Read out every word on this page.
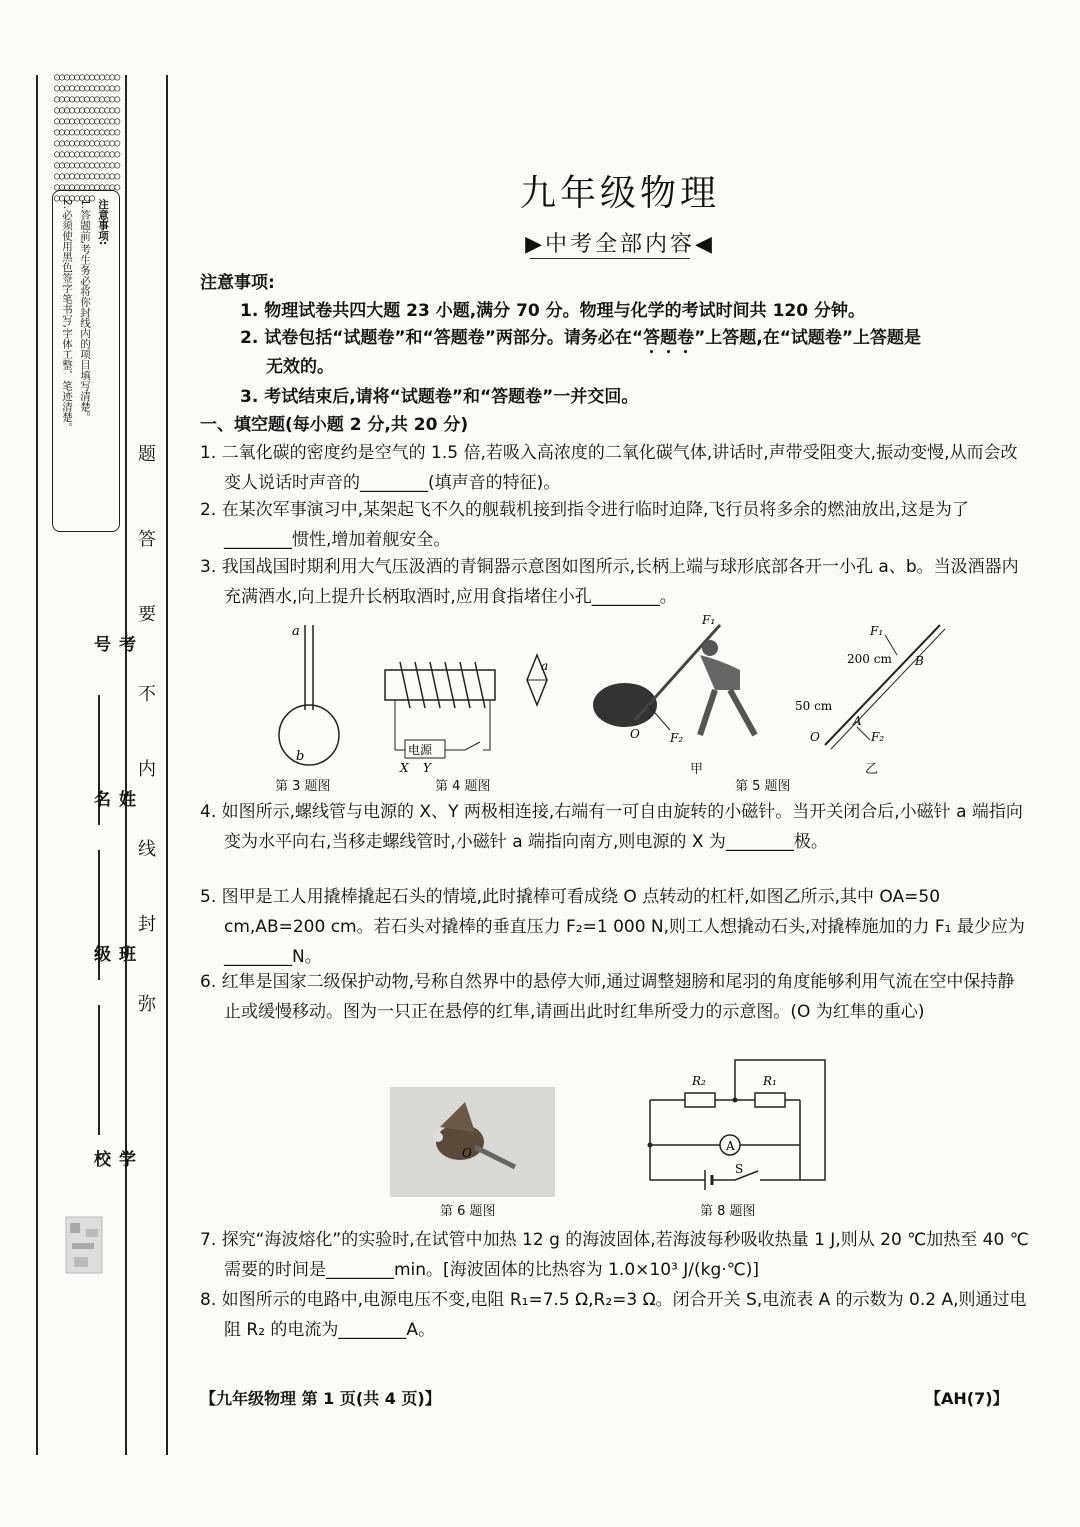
○○○○○○○○○○○○○○○○○○○○○○○○○○○○○○○○○○○○○○○○○○○○○○○○○○○○○○○○○○○○○○○○○○○○○○○○○○○○○○○○○○○○○○○○○○○○○○○○○○○○○○○○○○○○○○○○○○○○○○○○○○○○○○○○○○○○○○○○○○○○○○○○○○○○○○○
注意事项:
1.答题前,考生务必将你封线内的项目填写清楚。
2.必须使用黑色签字笔书写,字体工整、笔迹清楚。
考号
姓名
班级
学校
题
答
要
不
内
线
封
弥
九年级物理
▶中考全部内容◀
注意事项:
1. 物理试卷共四大题 23 小题,满分 70 分。物理与化学的考试时间共 120 分钟。
2. 试卷包括“试题卷”和“答题卷”两部分。请务必在“答题卷”上答题,在“试题卷”上答题是
无效的。
3. 考试结束后,请将“试题卷”和“答题卷”一并交回。
一、填空题(每小题 2 分,共 20 分)
1. 二氧化碳的密度约是空气的 1.5 倍,若吸入高浓度的二氧化碳气体,讲话时,声带受阻变大,振动变慢,从而会改变人说话时声音的________(填声音的特征)。
2. 在某次军事演习中,某架起飞不久的舰载机接到指令进行临时迫降,飞行员将多余的燃油放出,这是为了________惯性,增加着舰安全。
3. 我国战国时期利用大气压汲酒的青铜器示意图如图所示,长柄上端与球形底部各开一小孔 a、b。当汲酒器内充满酒水,向上提升长柄取酒时,应用食指堵住小孔________。
a
b
第 3 题图
电源
X Y
a
第 4 题图
F₁
F₂
O
甲
F₁
200 cm B
50 cm
A
O	F₂
乙
第 5 题图
4. 如图所示,螺线管与电源的 X、Y 两极相连接,右端有一可自由旋转的小磁针。当开关闭合后,小磁针 a 端指向变为水平向右,当移走螺线管时,小磁针 a 端指向南方,则电源的 X 为________极。
5. 图甲是工人用撬棒撬起石头的情境,此时撬棒可看成绕 O 点转动的杠杆,如图乙所示,其中 OA=50 cm,AB=200 cm。若石头对撬棒的垂直压力 F₂=1 000 N,则工人想撬动石头,对撬棒施加的力 F₁ 最少应为________N。
6. 红隼是国家二级保护动物,号称自然界中的悬停大师,通过调整翅膀和尾羽的角度能够利用气流在空中保持静止或缓慢移动。图为一只正在悬停的红隼,请画出此时红隼所受力的示意图。(O 为红隼的重心)
O
第 6 题图
A
R₂	R₁
S
第 8 题图
7. 探究“海波熔化”的实验时,在试管中加热 12 g 的海波固体,若海波每秒吸收热量 1 J,则从 20 ℃加热至 40 ℃需要的时间是________min。[海波固体的比热容为 1.0×10³ J/(kg·℃)]
8. 如图所示的电路中,电源电压不变,电阻 R₁=7.5 Ω,R₂=3 Ω。闭合开关 S,电流表 A 的示数为 0.2 A,则通过电阻 R₂ 的电流为________A。
【九年级物理 第 1 页(共 4 页)】	【AH(7)】
